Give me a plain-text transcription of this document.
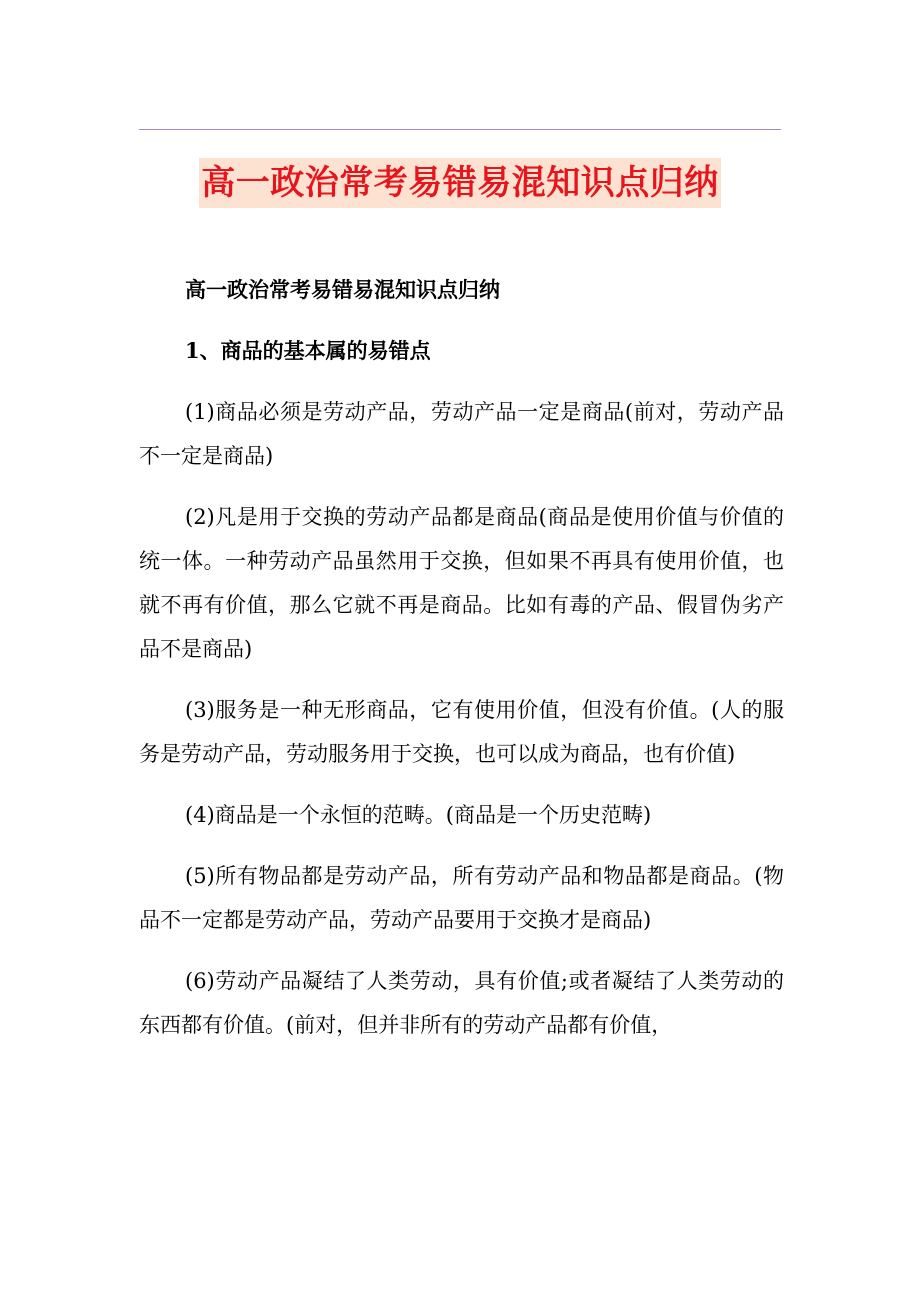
高一政治常考易错易混知识点归纳

高一政治常考易错易混知识点归纳

1、商品的基本属的易错点

(1)商品必须是劳动产品，劳动产品一定是商品(前对，劳动产品不一定是商品)

(2)凡是用于交换的劳动产品都是商品(商品是使用价值与价值的统一体。一种劳动产品虽然用于交换，但如果不再具有使用价值，也就不再有价值，那么它就不再是商品。比如有毒的产品、假冒伪劣产品不是商品)

(3)服务是一种无形商品，它有使用价值，但没有价值。(人的服务是劳动产品，劳动服务用于交换，也可以成为商品，也有价值)

(4)商品是一个永恒的范畴。(商品是一个历史范畴)

(5)所有物品都是劳动产品，所有劳动产品和物品都是商品。(物品不一定都是劳动产品，劳动产品要用于交换才是商品)

(6)劳动产品凝结了人类劳动，具有价值;或者凝结了人类劳动的东西都有价值。(前对，但并非所有的劳动产品都有价值，
